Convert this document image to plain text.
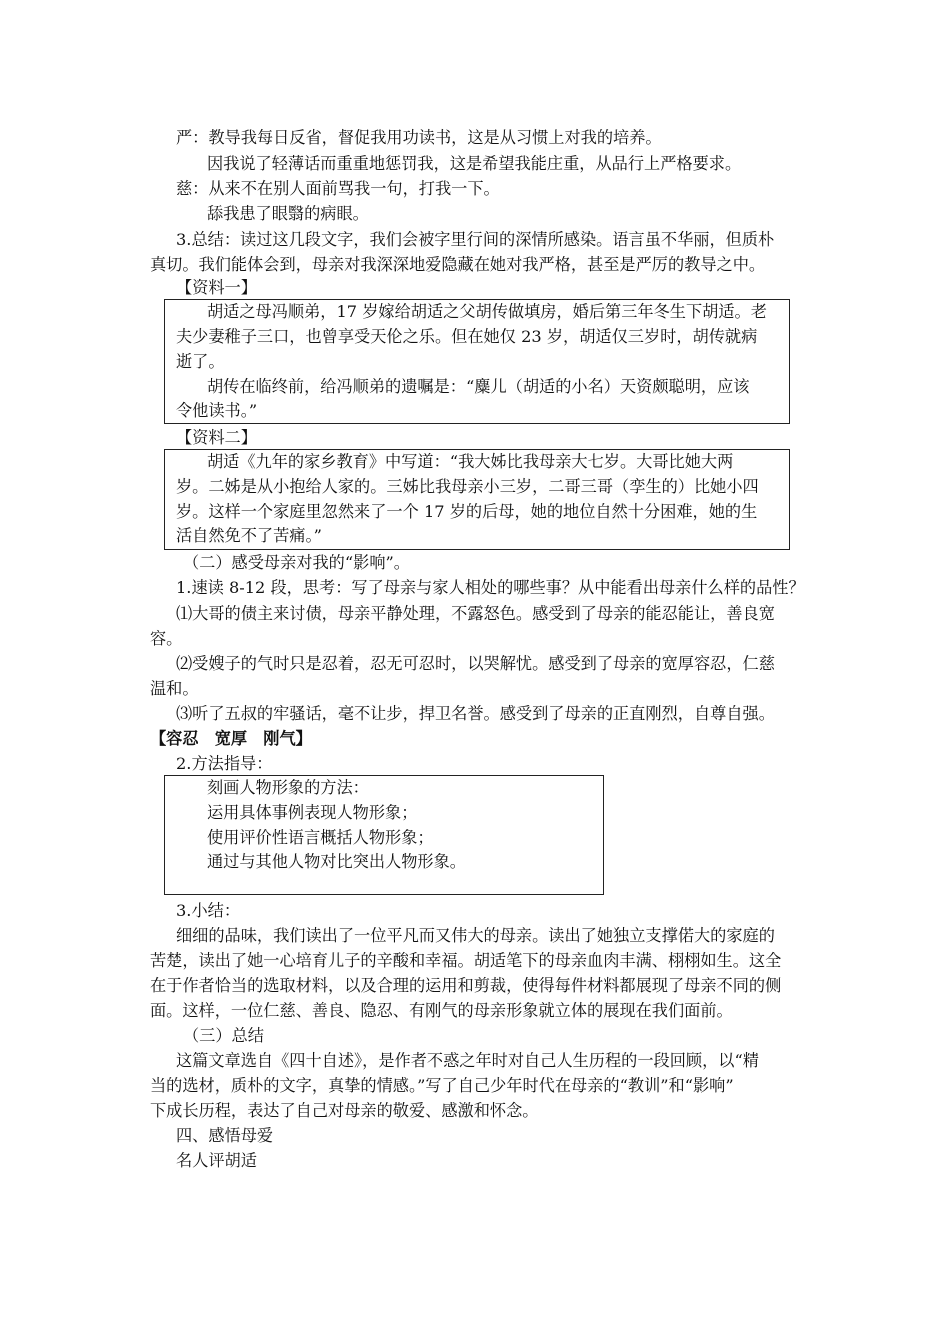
严：教导我每日反省，督促我用功读书，这是从习惯上对我的培养。
因我说了轻薄话而重重地惩罚我，这是希望我能庄重，从品行上严格要求。
慈：从来不在别人面前骂我一句，打我一下。
舔我患了眼翳的病眼。
3.总结：读过这几段文字，我们会被字里行间的深情所感染。语言虽不华丽，但质朴
真切。我们能体会到，母亲对我深深地爱隐藏在她对我严格，甚至是严厉的教导之中。
【资料一】
胡适之母冯顺弟，17 岁嫁给胡适之父胡传做填房，婚后第三年冬生下胡适。老
夫少妻稚子三口，也曾享受天伦之乐。但在她仅 23 岁，胡适仅三岁时，胡传就病
逝了。
胡传在临终前，给冯顺弟的遗嘱是：“麋儿（胡适的小名）天资颇聪明，应该
令他读书。”
【资料二】
胡适《九年的家乡教育》中写道：“我大姊比我母亲大七岁。大哥比她大两
岁。二姊是从小抱给人家的。三姊比我母亲小三岁，二哥三哥（孪生的）比她小四
岁。这样一个家庭里忽然来了一个 17 岁的后母，她的地位自然十分困难，她的生
活自然免不了苦痛。”
（二）感受母亲对我的“影响”。
1.速读 8-12 段，思考：写了母亲与家人相处的哪些事？从中能看出母亲什么样的品性？
⑴大哥的债主来讨债，母亲平静处理，不露怒色。感受到了母亲的能忍能让，善良宽
容。
⑵受嫂子的气时只是忍着，忍无可忍时，以哭解忧。感受到了母亲的宽厚容忍，仁慈
温和。
⑶听了五叔的牢骚话，毫不让步，捍卫名誉。感受到了母亲的正直刚烈，自尊自强。
【容忍　宽厚　刚气】
2.方法指导：
刻画人物形象的方法：
运用具体事例表现人物形象；
使用评价性语言概括人物形象；
通过与其他人物对比突出人物形象。
3.小结：
细细的品味，我们读出了一位平凡而又伟大的母亲。读出了她独立支撑偌大的家庭的
苦楚，读出了她一心培育儿子的辛酸和幸福。胡适笔下的母亲血肉丰满、栩栩如生。这全
在于作者恰当的选取材料，以及合理的运用和剪裁，使得每件材料都展现了母亲不同的侧
面。这样，一位仁慈、善良、隐忍、有刚气的母亲形象就立体的展现在我们面前。
（三）总结
这篇文章选自《四十自述》，是作者不惑之年时对自己人生历程的一段回顾，以“精
当的选材，质朴的文字，真挚的情感。”写了自己少年时代在母亲的“教训”和“影响”
下成长历程，表达了自己对母亲的敬爱、感激和怀念。
四、感悟母爱
名人评胡适
